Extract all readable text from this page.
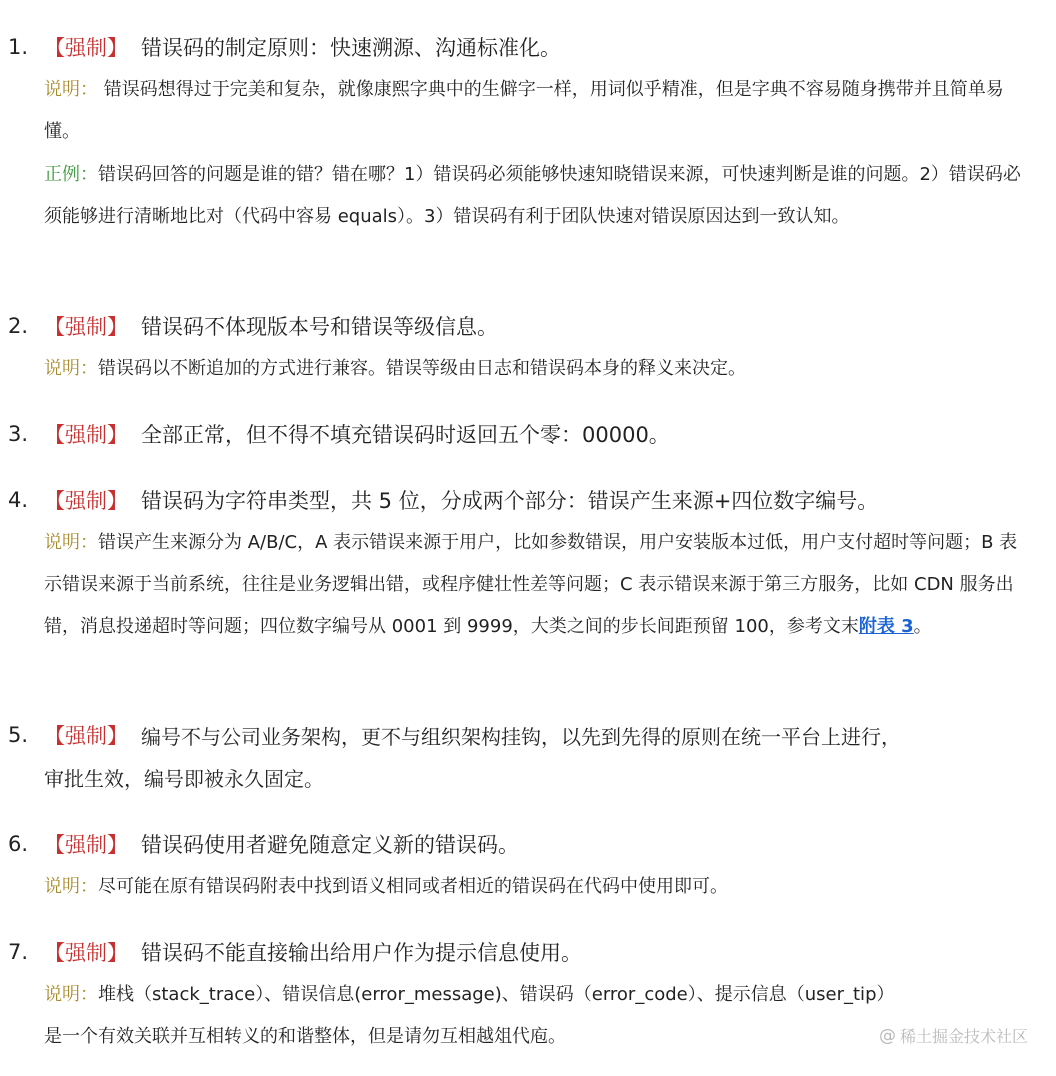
1. 【强制】 错误码的制定原则：快速溯源、沟通标准化。
说明： 错误码想得过于完美和复杂，就像康熙字典中的生僻字一样，用词似乎精准，但是字典不容易随身携带并且简单易懂。
正例：错误码回答的问题是谁的错？错在哪？1）错误码必须能够快速知晓错误来源，可快速判断是谁的问题。2）错误码必须能够进行清晰地比对（代码中容易 equals）。3）错误码有利于团队快速对错误原因达到一致认知。
2. 【强制】 错误码不体现版本号和错误等级信息。
说明：错误码以不断追加的方式进行兼容。错误等级由日志和错误码本身的释义来决定。
3. 【强制】 全部正常，但不得不填充错误码时返回五个零：00000。
4. 【强制】 错误码为字符串类型，共 5 位，分成两个部分：错误产生来源+四位数字编号。
说明：错误产生来源分为 A/B/C，A 表示错误来源于用户，比如参数错误，用户安装版本过低，用户支付超时等问题；B 表示错误来源于当前系统，往往是业务逻辑出错，或程序健壮性差等问题；C 表示错误来源于第三方服务，比如 CDN 服务出错，消息投递超时等问题；四位数字编号从 0001 到 9999，大类之间的步长间距预留 100，参考文末附表 3。
5. 【强制】 编号不与公司业务架构，更不与组织架构挂钩，以先到先得的原则在统一平台上进行，
审批生效，编号即被永久固定。
6. 【强制】 错误码使用者避免随意定义新的错误码。
说明：尽可能在原有错误码附表中找到语义相同或者相近的错误码在代码中使用即可。
7. 【强制】 错误码不能直接输出给用户作为提示信息使用。
说明：堆栈（stack_trace）、错误信息(error_message)、错误码（error_code）、提示信息（user_tip）是一个有效关联并互相转义的和谐整体，但是请勿互相越俎代庖。	@ 稀土掘金技术社区
